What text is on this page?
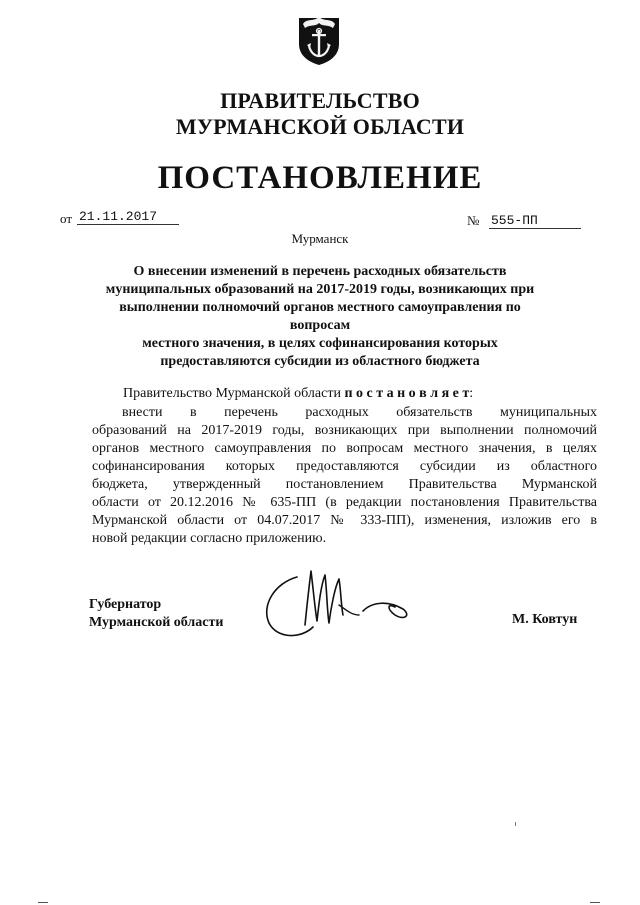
ПРАВИТЕЛЬСТВО
МУРМАНСКОЙ ОБЛАСТИ
ПОСТАНОВЛЕНИЕ
от 21.11.2017	№ 555-ПП
Мурманск
О внесении изменений в перечень расходных обязательств
муниципальных образований на 2017-2019 годы, возникающих при
выполнении полномочий органов местного самоуправления по вопросам
местного значения, в целях софинансирования которых
предоставляются субсидии из областного бюджета
Правительство Мурманской области п о с т а н о в л я е т:
внести в перечень расходных обязательств муниципальных
образований на 2017-2019 годы, возникающих при выполнении полномочий
органов местного самоуправления по вопросам местного значения, в целях
софинансирования которых предоставляются субсидии из областного
бюджета, утвержденный постановлением Правительства Мурманской
области от 20.12.2016 № 635-ПП (в редакции постановления Правительства
Мурманской области от 04.07.2017 № 333-ПП), изменения, изложив его в
новой редакции согласно приложению.
Губернатор
Мурманской области	М. Ковтун
